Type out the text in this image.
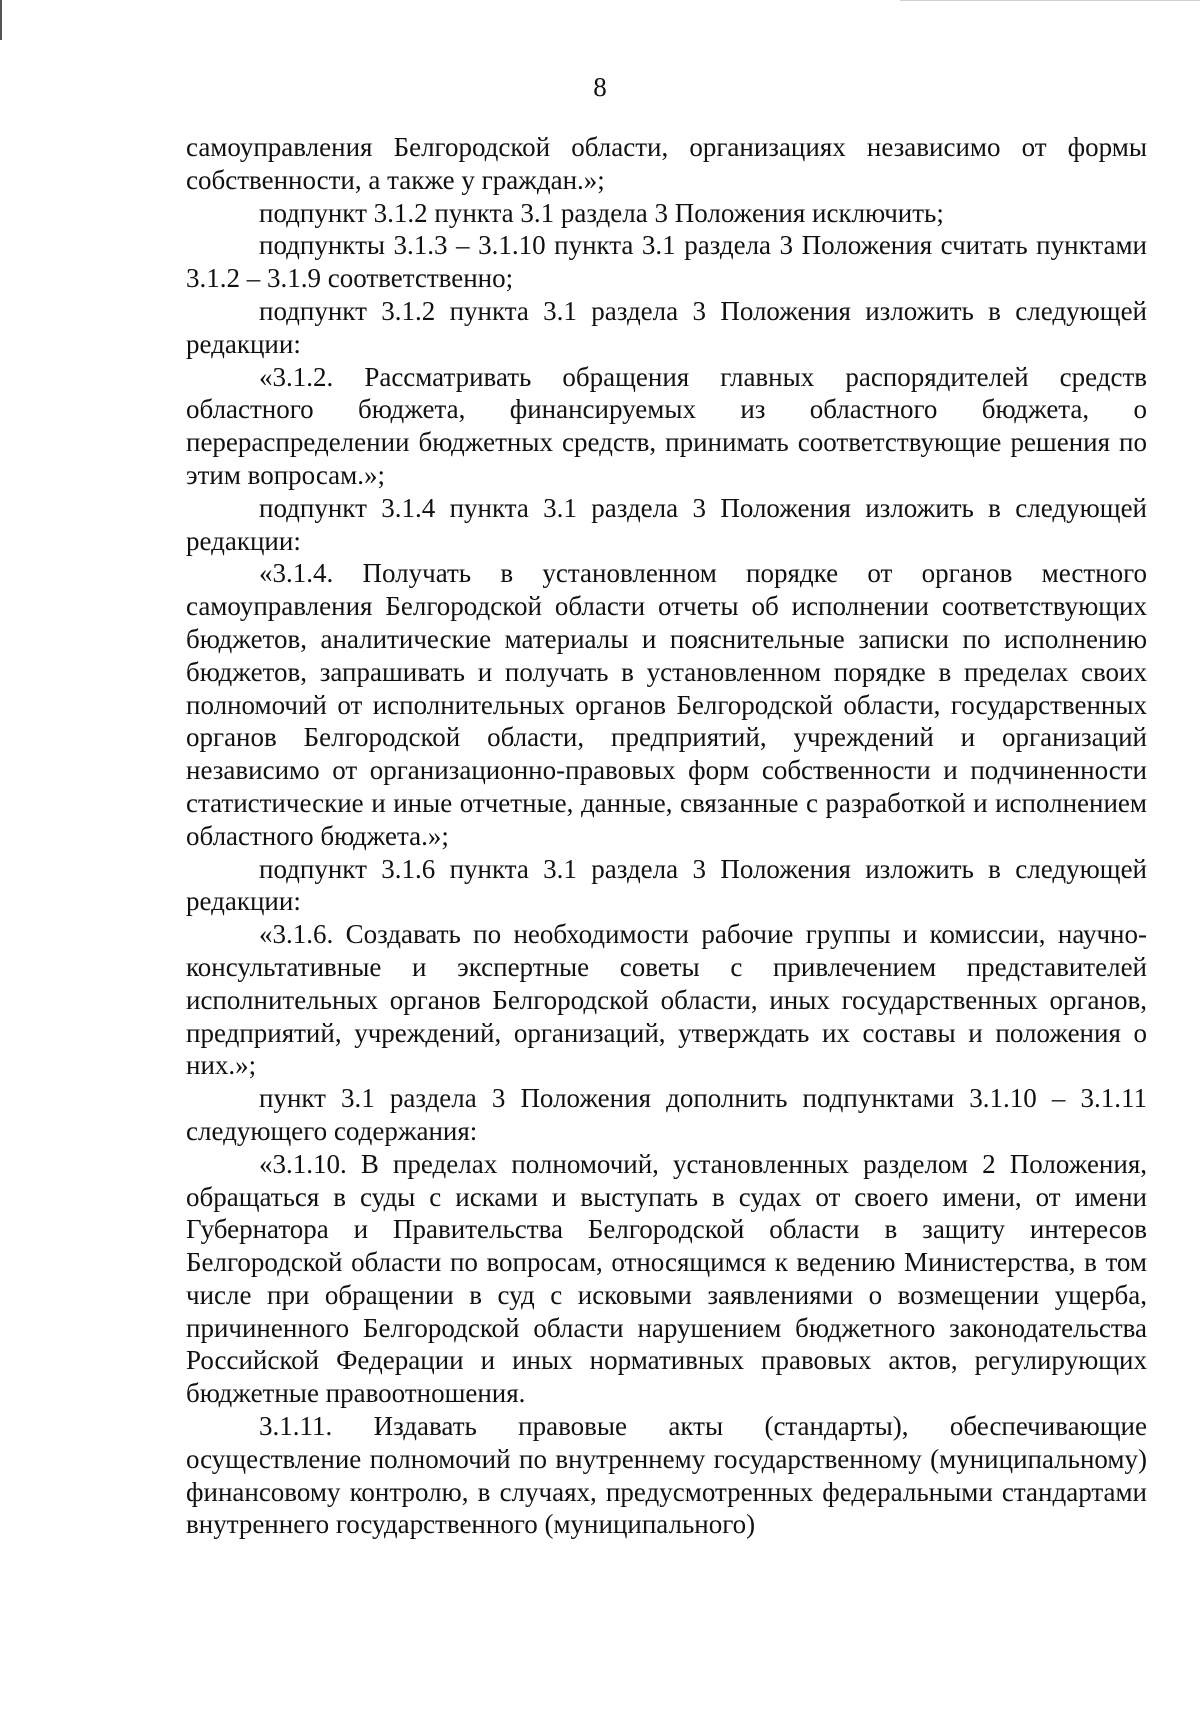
8

самоуправления Белгородской области, организациях независимо от формы собственности, а также у граждан.»;

подпункт 3.1.2 пункта 3.1 раздела 3 Положения исключить;

подпункты 3.1.3 – 3.1.10 пункта 3.1 раздела 3 Положения считать пунктами 3.1.2 – 3.1.9 соответственно;

подпункт 3.1.2 пункта 3.1 раздела 3 Положения изложить в следующей редакции:

«3.1.2. Рассматривать обращения главных распорядителей средств областного бюджета, финансируемых из областного бюджета, о перераспределении бюджетных средств, принимать соответствующие решения по этим вопросам.»;

подпункт 3.1.4 пункта 3.1 раздела 3 Положения изложить в следующей редакции:

«3.1.4. Получать в установленном порядке от органов местного самоуправления Белгородской области отчеты об исполнении соответствующих бюджетов, аналитические материалы и пояснительные записки по исполнению бюджетов, запрашивать и получать в установленном порядке в пределах своих полномочий от исполнительных органов Белгородской области, государственных органов Белгородской области, предприятий, учреждений и организаций независимо от организационно-правовых форм собственности и подчиненности статистические и иные отчетные, данные, связанные с разработкой и исполнением областного бюджета.»;

подпункт 3.1.6 пункта 3.1 раздела 3 Положения изложить в следующей редакции:

«3.1.6. Создавать по необходимости рабочие группы и комиссии, научно-консультативные и экспертные советы с привлечением представителей исполнительных органов Белгородской области, иных государственных органов, предприятий, учреждений, организаций, утверждать их составы и положения о них.»;

пункт 3.1 раздела 3 Положения дополнить подпунктами 3.1.10 – 3.1.11 следующего содержания:

«3.1.10. В пределах полномочий, установленных разделом 2 Положения, обращаться в суды с исками и выступать в судах от своего имени, от имени Губернатора и Правительства Белгородской области в защиту интересов Белгородской области по вопросам, относящимся к ведению Министерства, в том числе при обращении в суд с исковыми заявлениями о возмещении ущерба, причиненного Белгородской области нарушением бюджетного законодательства Российской Федерации и иных нормативных правовых актов, регулирующих бюджетные правоотношения.

3.1.11. Издавать правовые акты (стандарты), обеспечивающие осуществление полномочий по внутреннему государственному (муниципальному) финансовому контролю, в случаях, предусмотренных федеральными стандартами внутреннего государственного (муниципального)
